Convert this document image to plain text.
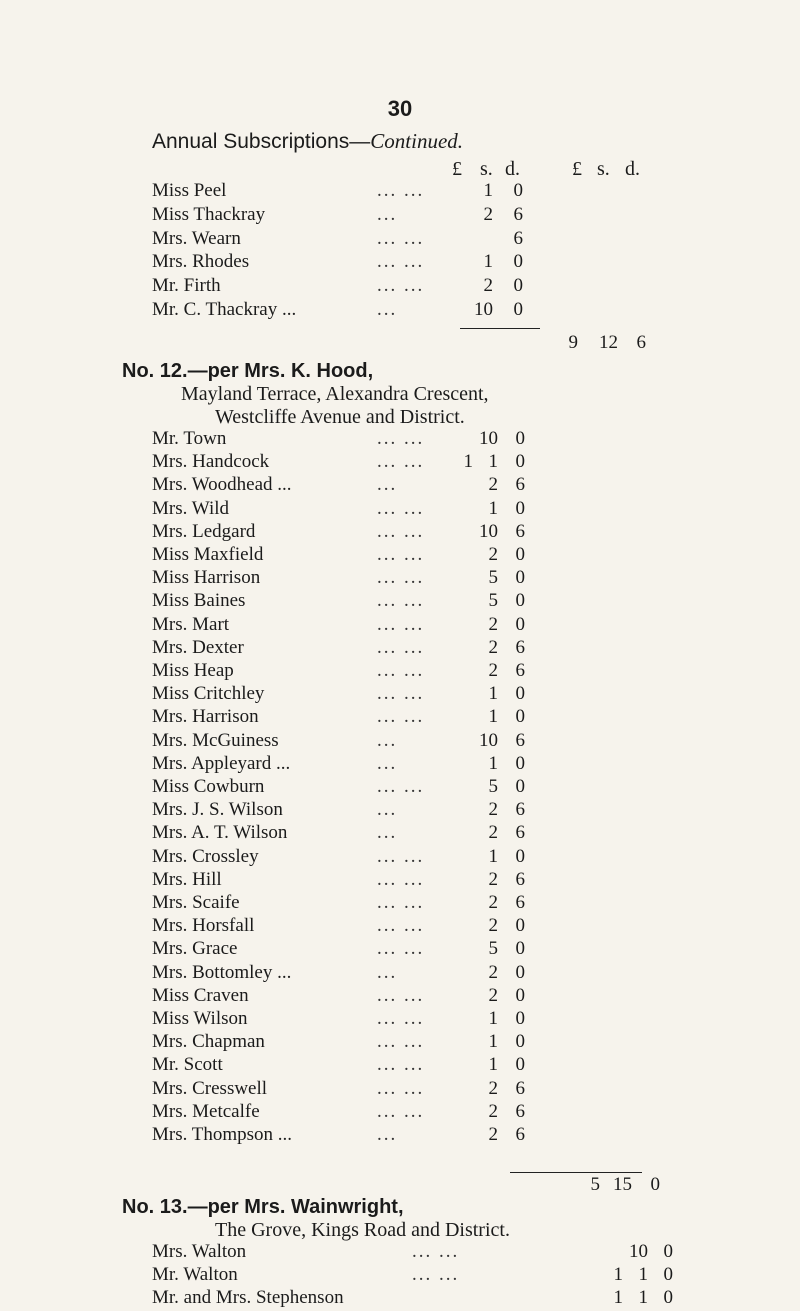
30
Annual Subscriptions—Continued.
£ s. d.	£ s. d.
Miss Peel	... ...	1	0
Miss Thackray	...	2	6
Mrs. Wearn	... ...	6
Mrs. Rhodes	... ...	1	0
Mr. Firth	... ...	2	0
Mr. C. Thackray ...	...	10	0
9	12 6
No. 12.—per Mrs. K. Hood,
Mayland Terrace, Alexandra Crescent,
Westcliffe Avenue and District.
Mr. Town	... ...	10 0
Mrs. Handcock	... ...	1 1 0
Mrs. Woodhead ...	...	2 6
Mrs. Wild	... ...	1 0
Mrs. Ledgard	... ...	10 6
Miss Maxfield	... ...	2 0
Miss Harrison	... ...	5 0
Miss Baines	... ...	5 0
Mrs. Mart	... ...	2 0
Mrs. Dexter	... ...	2 6
Miss Heap	... ...	2 6
Miss Critchley	... ...	1 0
Mrs. Harrison	... ...	1 0
Mrs. McGuiness	...	10 6
Mrs. Appleyard ...	...	1 0
Miss Cowburn	... ...	5 0
Mrs. J. S. Wilson	...	2 6
Mrs. A. T. Wilson	...	2 6
Mrs. Crossley	... ...	1 0
Mrs. Hill	... ...	2 6
Mrs. Scaife	... ...	2 6
Mrs. Horsfall	... ...	2 0
Mrs. Grace	... ...	5 0
Mrs. Bottomley ...	...	2 0
Miss Craven	... ...	2 0
Miss Wilson	... ...	1 0
Mrs. Chapman	... ...	1 0
Mr. Scott	... ...	1 0
Mrs. Cresswell	... ...	2 6
Mrs. Metcalfe	... ...	2 6
Mrs. Thompson ...	...	2 6
5 15 0
No. 13.—per Mrs. Wainwright,
The Grove, Kings Road and District.
Mrs. Walton	... ...	10 0
Mr. Walton	... ...	1 1 0
Mr. and Mrs. Stephenson	1 1 0
